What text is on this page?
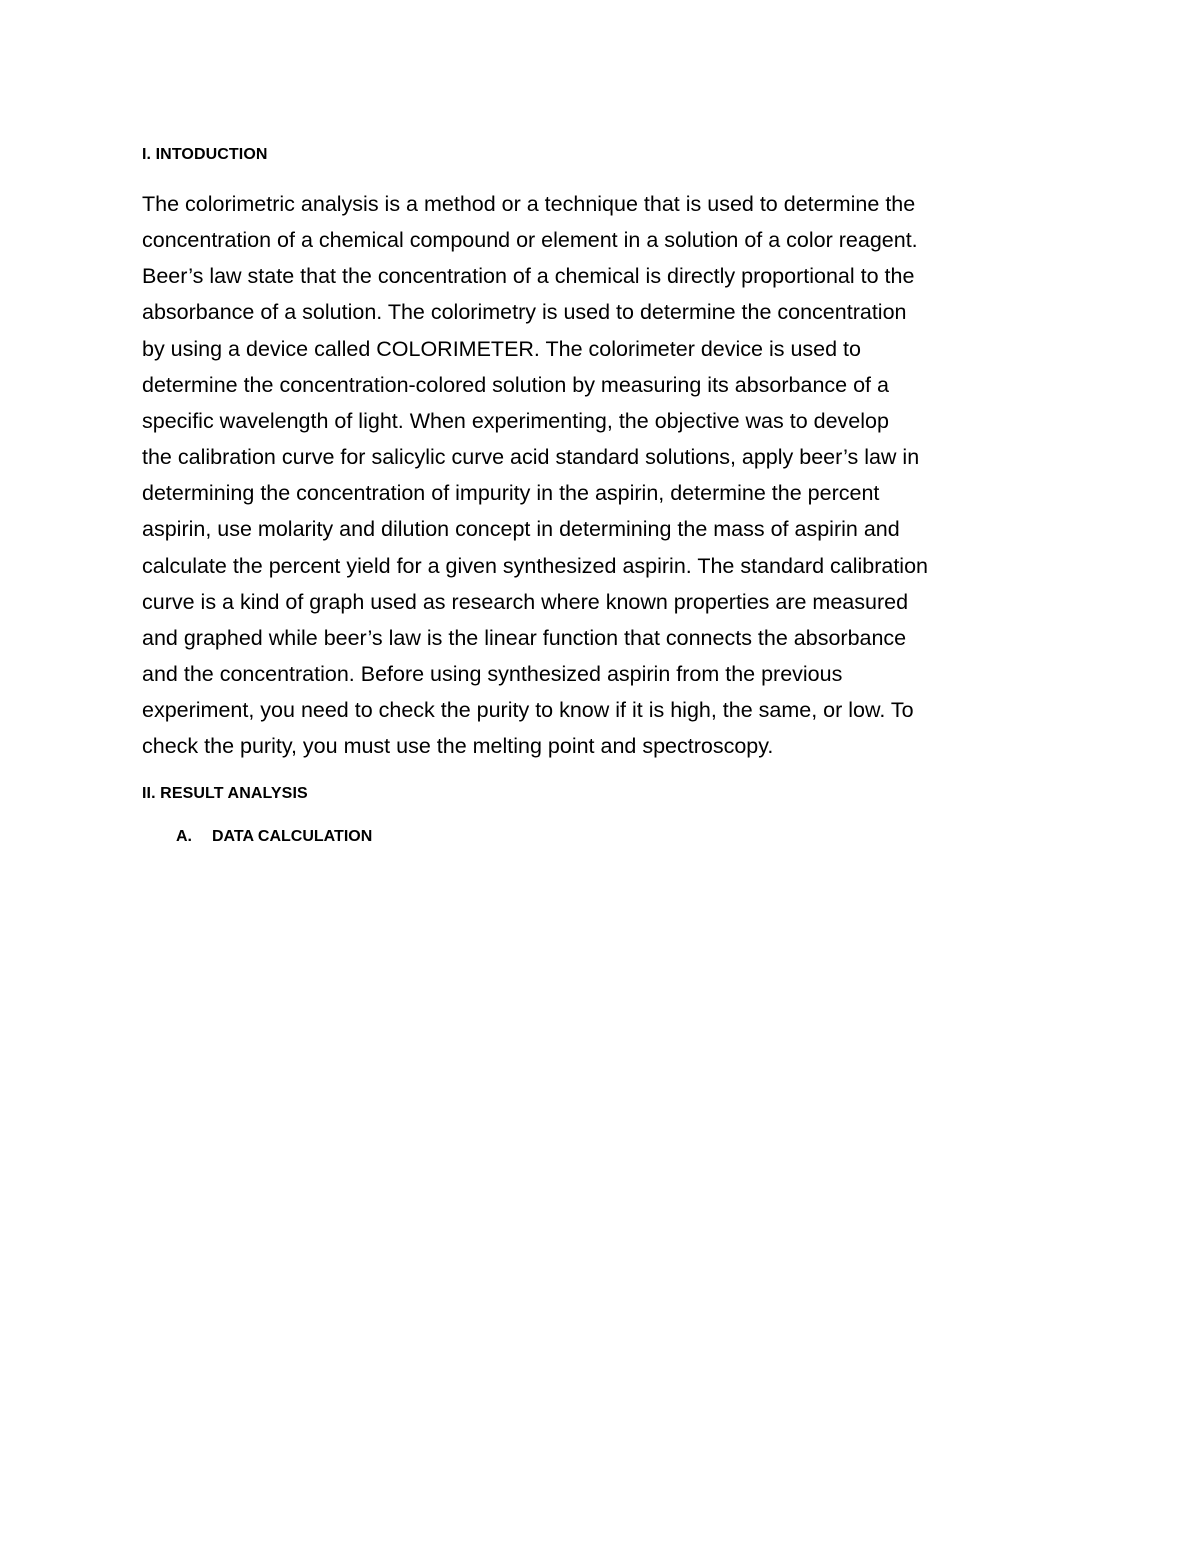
I. INTODUCTION
The colorimetric analysis is a method or a technique that is used to determine the
concentration of a chemical compound or element in a solution of a color reagent.
Beer’s law state that the concentration of a chemical is directly proportional to the
absorbance of a solution. The colorimetry is used to determine the concentration
by using a device called COLORIMETER. The colorimeter device is used to
determine the concentration-colored solution by measuring its absorbance of a
specific wavelength of light. When experimenting, the objective was to develop
the calibration curve for salicylic curve acid standard solutions, apply beer’s law in
determining the concentration of impurity in the aspirin, determine the percent
aspirin, use molarity and dilution concept in determining the mass of aspirin and
calculate the percent yield for a given synthesized aspirin. The standard calibration
curve is a kind of graph used as research where known properties are measured
and graphed while beer’s law is the linear function that connects the absorbance
and the concentration. Before using synthesized aspirin from the previous
experiment, you need to check the purity to know if it is high, the same, or low. To
check the purity, you must use the melting point and spectroscopy.
II. RESULT ANALYSIS
A. DATA CALCULATION
